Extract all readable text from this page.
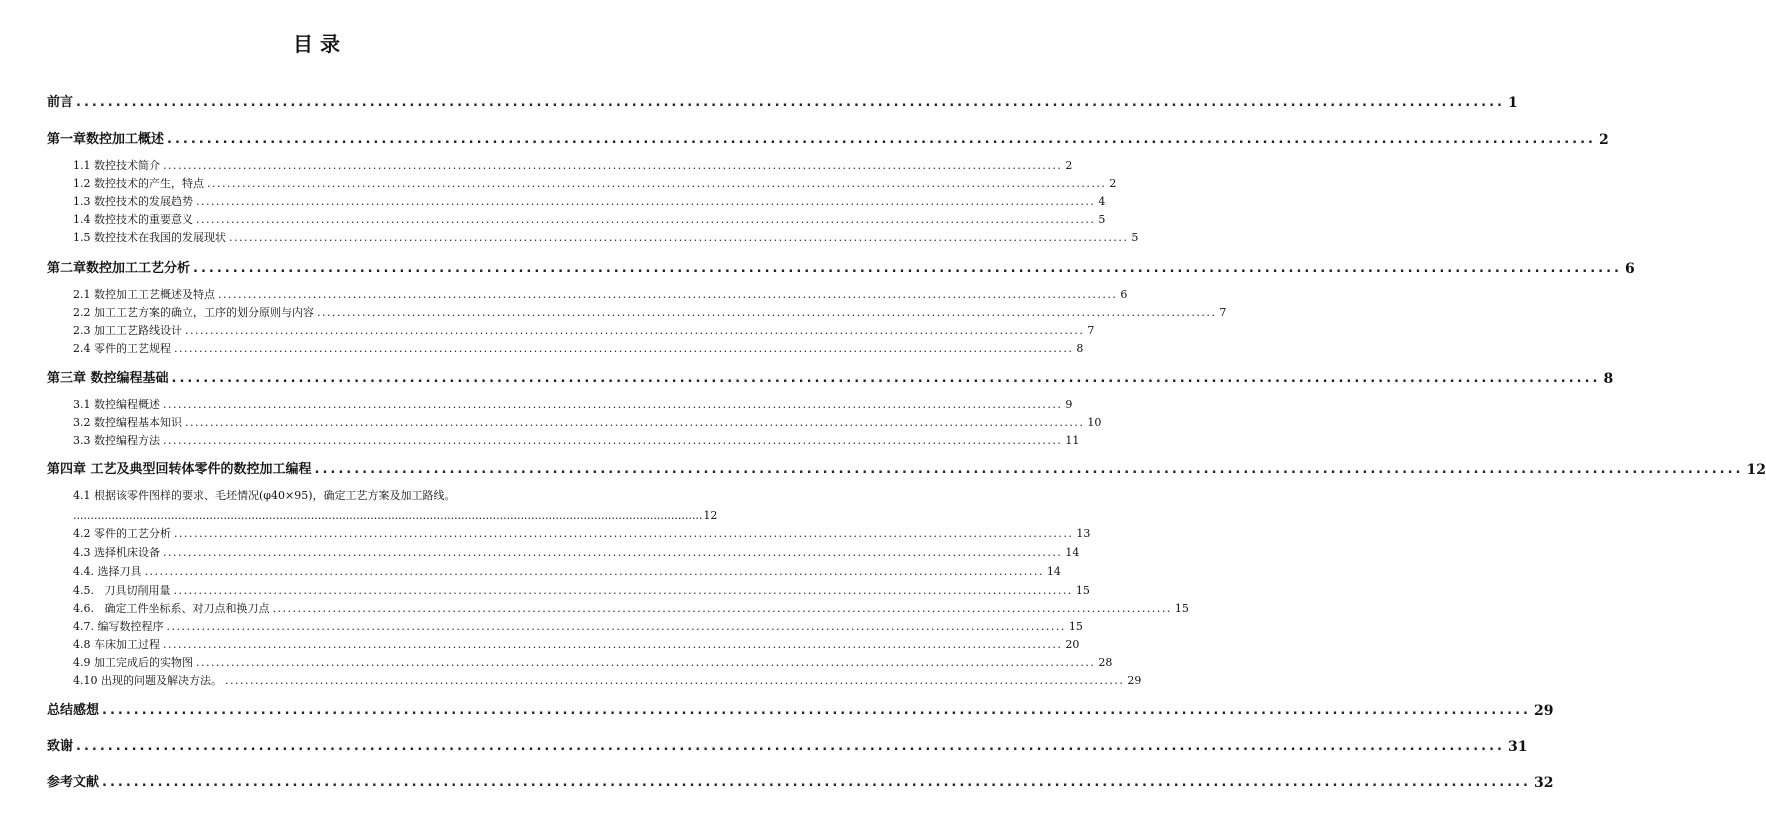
目 录
前言 .................................................................................................................................................................................... 1
第一章数控加工概述 .................................................................................................................................................................................... 2
1.1 数控技术简介 .................................................................................................................................................................................... 2
1.2 数控技术的产生，特点 .................................................................................................................................................................................... 2
1.3 数控技术的发展趋势 .................................................................................................................................................................................... 4
1.4 数控技术的重要意义 .................................................................................................................................................................................... 5
1.5 数控技术在我国的发展现状 .................................................................................................................................................................................... 5
第二章数控加工工艺分析 .................................................................................................................................................................................... 6
2.1 数控加工工艺概述及特点 .................................................................................................................................................................................... 6
2.2 加工工艺方案的确立，工序的划分原则与内容 .................................................................................................................................................................................... 7
2.3 加工工艺路线设计 .................................................................................................................................................................................... 7
2.4 零件的工艺规程 .................................................................................................................................................................................... 8
第三章 数控编程基础 .................................................................................................................................................................................... 8
3.1 数控编程概述 .................................................................................................................................................................................... 9
3.2 数控编程基本知识 .................................................................................................................................................................................... 10
3.3 数控编程方法 .................................................................................................................................................................................... 11
第四章 工艺及典型回转体零件的数控加工编程 .................................................................................................................................................................................... 12
4.1 根据该零件图样的要求、毛坯情况(φ40×95)，确定工艺方案及加工路线。
.................................................................................................................................................................................... 12
4.2 零件的工艺分析 .................................................................................................................................................................................... 13
4.3 选择机床设备 .................................................................................................................................................................................... 14
4.4. 选择刀具 .................................................................................................................................................................................... 14
4.5.   刀具切削用量 .................................................................................................................................................................................... 15
4.6.   确定工件坐标系、对刀点和换刀点 .................................................................................................................................................................................... 15
4.7. 编写数控程序 .................................................................................................................................................................................... 15
4.8 车床加工过程 .................................................................................................................................................................................... 20
4.9 加工完成后的实物图 .................................................................................................................................................................................... 28
4.10 出现的问题及解决方法。 .................................................................................................................................................................................... 29
总结感想 .................................................................................................................................................................................... 29
致谢 .................................................................................................................................................................................... 31
参考文献 .................................................................................................................................................................................... 32
